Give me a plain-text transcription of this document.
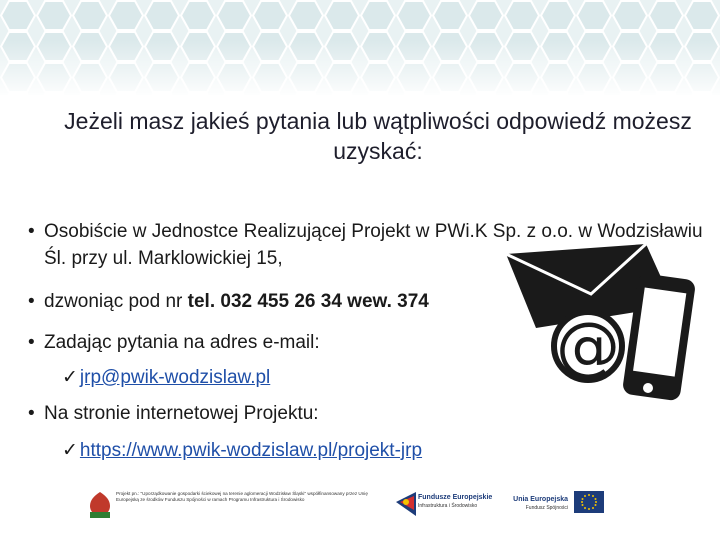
Jeżeli masz jakieś pytania lub wątpliwości odpowiedź możesz uzyskać:
• Osobiście w Jednostce Realizującej Projekt w PWi.K Sp. z o.o. w Wodzisławiu Śl. przy ul. Marklowickiej 15,
• dzwoniąc pod nr tel. 032 455 26 34 wew. 374
• Zadając pytania na adres e-mail:
✓ jrp@pwik-wodzislaw.pl
• Na stronie internetowej Projektu:
✓ https://www.pwik-wodzislaw.pl/projekt-jrp
@
Projekt pn.: "Uporządkowanie gospodarki ściekowej na terenie aglomeracji Wodzisław Śląski" współfinansowany przez Unię Europejską ze środków Funduszu Spójności w ramach Programu Infrastruktura i Środowisko	Fundusze Europejskie
Infrastruktura i Środowisko
Unia Europejska
Fundusz Spójności
